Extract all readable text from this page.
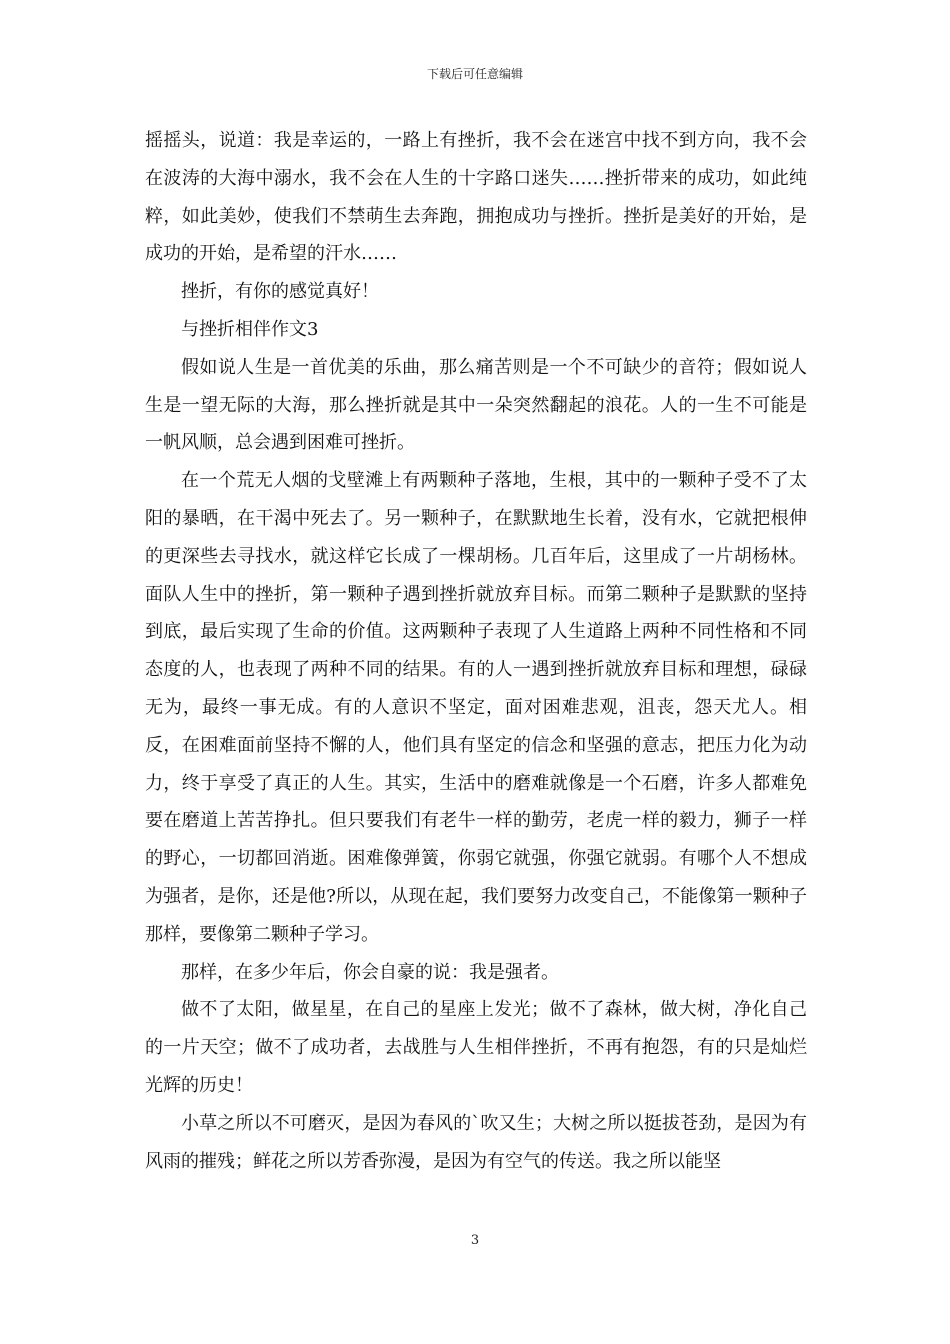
下载后可任意编辑

摇摇头，说道：我是幸运的，一路上有挫折，我不会在迷宫中找不到方向，我不会在波涛的大海中溺水，我不会在人生的十字路口迷失……挫折带来的成功，如此纯粹，如此美妙，使我们不禁萌生去奔跑，拥抱成功与挫折。挫折是美好的开始，是成功的开始，是希望的汗水……

挫折，有你的感觉真好！

与挫折相伴作文3

假如说人生是一首优美的乐曲，那么痛苦则是一个不可缺少的音符；假如说人生是一望无际的大海，那么挫折就是其中一朵突然翻起的浪花。人的一生不可能是一帆风顺，总会遇到困难可挫折。

在一个荒无人烟的戈壁滩上有两颗种子落地，生根，其中的一颗种子受不了太阳的暴晒，在干渴中死去了。另一颗种子，在默默地生长着，没有水，它就把根伸的更深些去寻找水，就这样它长成了一棵胡杨。几百年后，这里成了一片胡杨林。面队人生中的挫折，第一颗种子遇到挫折就放弃目标。而第二颗种子是默默的坚持到底，最后实现了生命的价值。这两颗种子表现了人生道路上两种不同性格和不同态度的人，也表现了两种不同的结果。有的人一遇到挫折就放弃目标和理想，碌碌无为，最终一事无成。有的人意识不坚定，面对困难悲观，沮丧，怨天尤人。相反，在困难面前坚持不懈的人，他们具有坚定的信念和坚强的意志，把压力化为动力，终于享受了真正的人生。其实，生活中的磨难就像是一个石磨，许多人都难免要在磨道上苦苦挣扎。但只要我们有老牛一样的勤劳，老虎一样的毅力，狮子一样的野心，一切都回消逝。困难像弹簧，你弱它就强，你强它就弱。有哪个人不想成为强者，是你，还是他?所以，从现在起，我们要努力改变自己，不能像第一颗种子那样，要像第二颗种子学习。

那样，在多少年后，你会自豪的说：我是强者。

做不了太阳，做星星，在自己的星座上发光；做不了森林，做大树，净化自己的一片天空；做不了成功者，去战胜与人生相伴挫折，不再有抱怨，有的只是灿烂光辉的历史！

小草之所以不可磨灭，是因为春风的`吹又生；大树之所以挺拔苍劲，是因为有风雨的摧残；鲜花之所以芳香弥漫，是因为有空气的传送。我之所以能坚

3
